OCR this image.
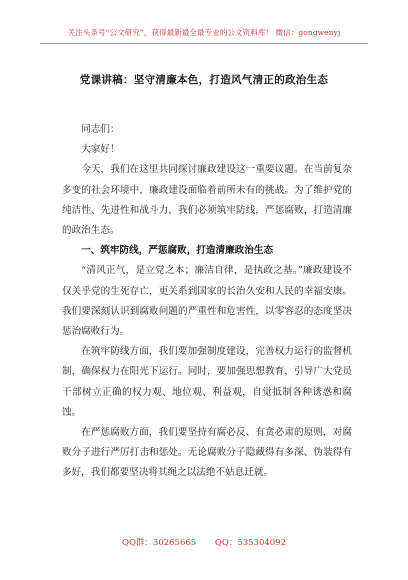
关注头条号“公文研究”，获得最新最全最专业的公文资料库！ 微信：gongwenyj
党课讲稿：坚守清廉本色，打造风气清正的政治生态

同志们：

大家好！

今天，我们在这里共同探讨廉政建设这一重要议题。在当前复杂多变的社会环境中，廉政建设面临着前所未有的挑战。为了维护党的纯洁性、先进性和战斗力，我们必须筑牢防线，严惩腐败，打造清廉的政治生态。

一、筑牢防线，严惩腐败，打造清廉政治生态

“清风正气，是立党之本；廉洁自律，是执政之基。”廉政建设不仅关乎党的生死存亡，更关系到国家的长治久安和人民的幸福安康。我们要深刻认识到腐败问题的严重性和危害性，以零容忍的态度坚决惩治腐败行为。

在筑牢防线方面，我们要加强制度建设，完善权力运行的监督机制，确保权力在阳光下运行。同时，要加强思想教育，引导广大党员干部树立正确的权力观、地位观、利益观，自觉抵制各种诱惑和腐蚀。

在严惩腐败方面，我们要坚持有腐必反、有贪必肃的原则，对腐败分子进行严厉打击和惩处。无论腐败分子隐藏得有多深、伪装得有多好，我们都要坚决将其绳之以法绝不姑息迁就。

QQ群：30265665 QQ：535304092
